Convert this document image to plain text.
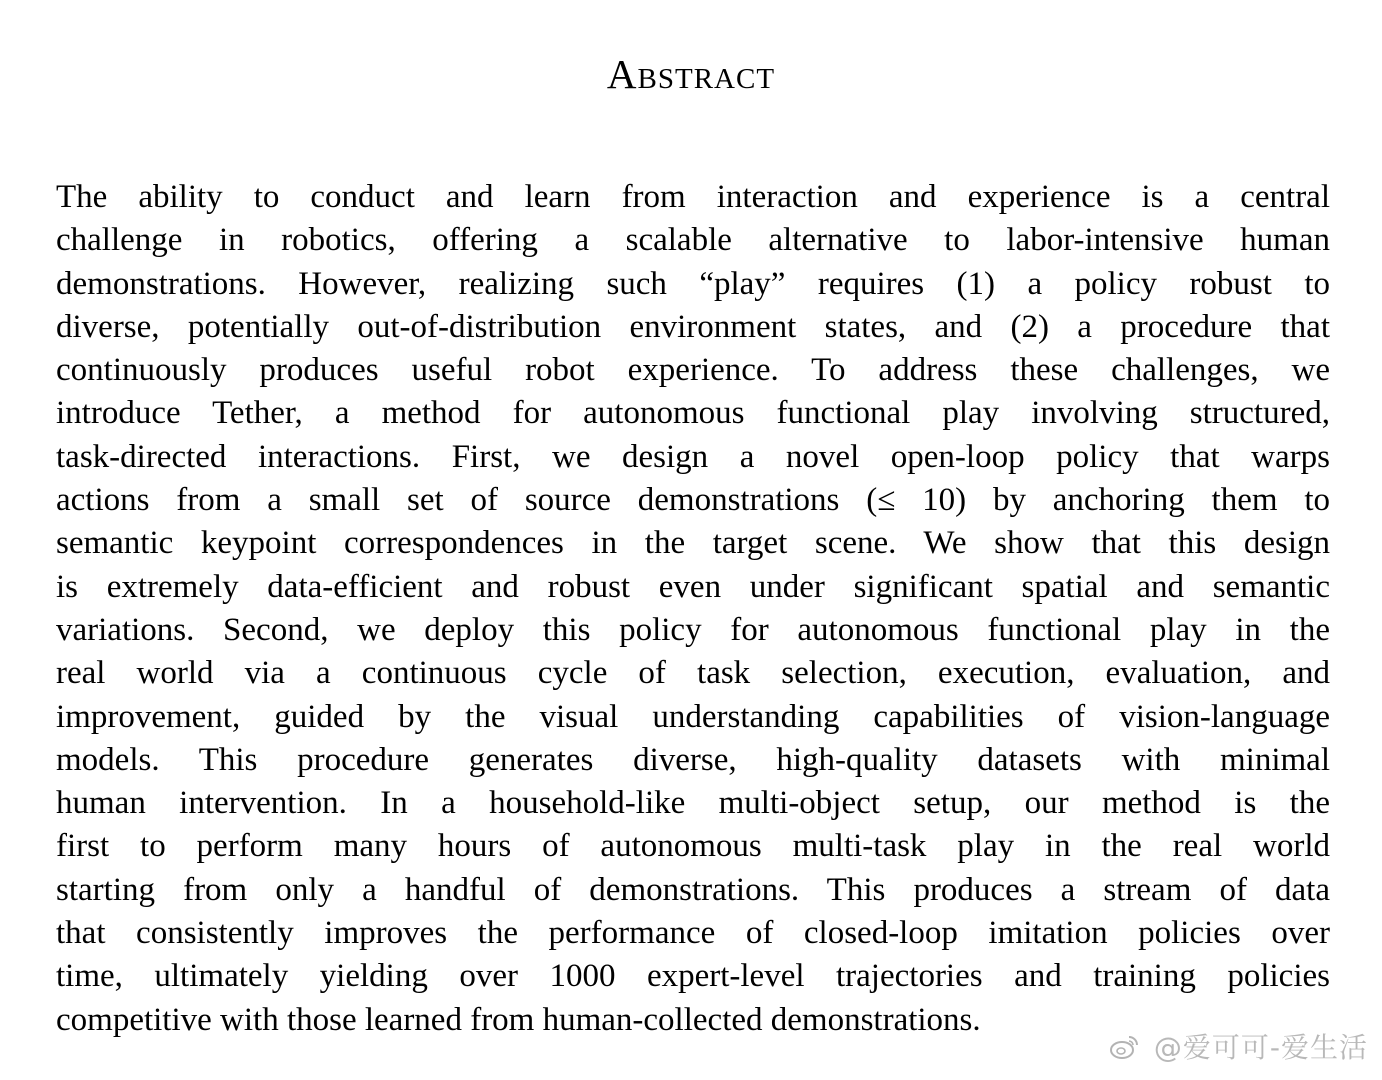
Abstract
The ability to conduct and learn from interaction and experience is a central
challenge in robotics, offering a scalable alternative to labor-intensive human
demonstrations. However, realizing such “play” requires (1) a policy robust to
diverse, potentially out-of-distribution environment states, and (2) a procedure that
continuously produces useful robot experience. To address these challenges, we
introduce Tether, a method for autonomous functional play involving structured,
task-directed interactions. First, we design a novel open-loop policy that warps
actions from a small set of source demonstrations (≤ 10) by anchoring them to
semantic keypoint correspondences in the target scene. We show that this design
is extremely data-efficient and robust even under significant spatial and semantic
variations. Second, we deploy this policy for autonomous functional play in the
real world via a continuous cycle of task selection, execution, evaluation, and
improvement, guided by the visual understanding capabilities of vision-language
models. This procedure generates diverse, high-quality datasets with minimal
human intervention. In a household-like multi-object setup, our method is the
first to perform many hours of autonomous multi-task play in the real world
starting from only a handful of demonstrations. This produces a stream of data
that consistently improves the performance of closed-loop imitation policies over
time, ultimately yielding over 1000 expert-level trajectories and training policies
competitive with those learned from human-collected demonstrations.
@爱可可-爱生活
